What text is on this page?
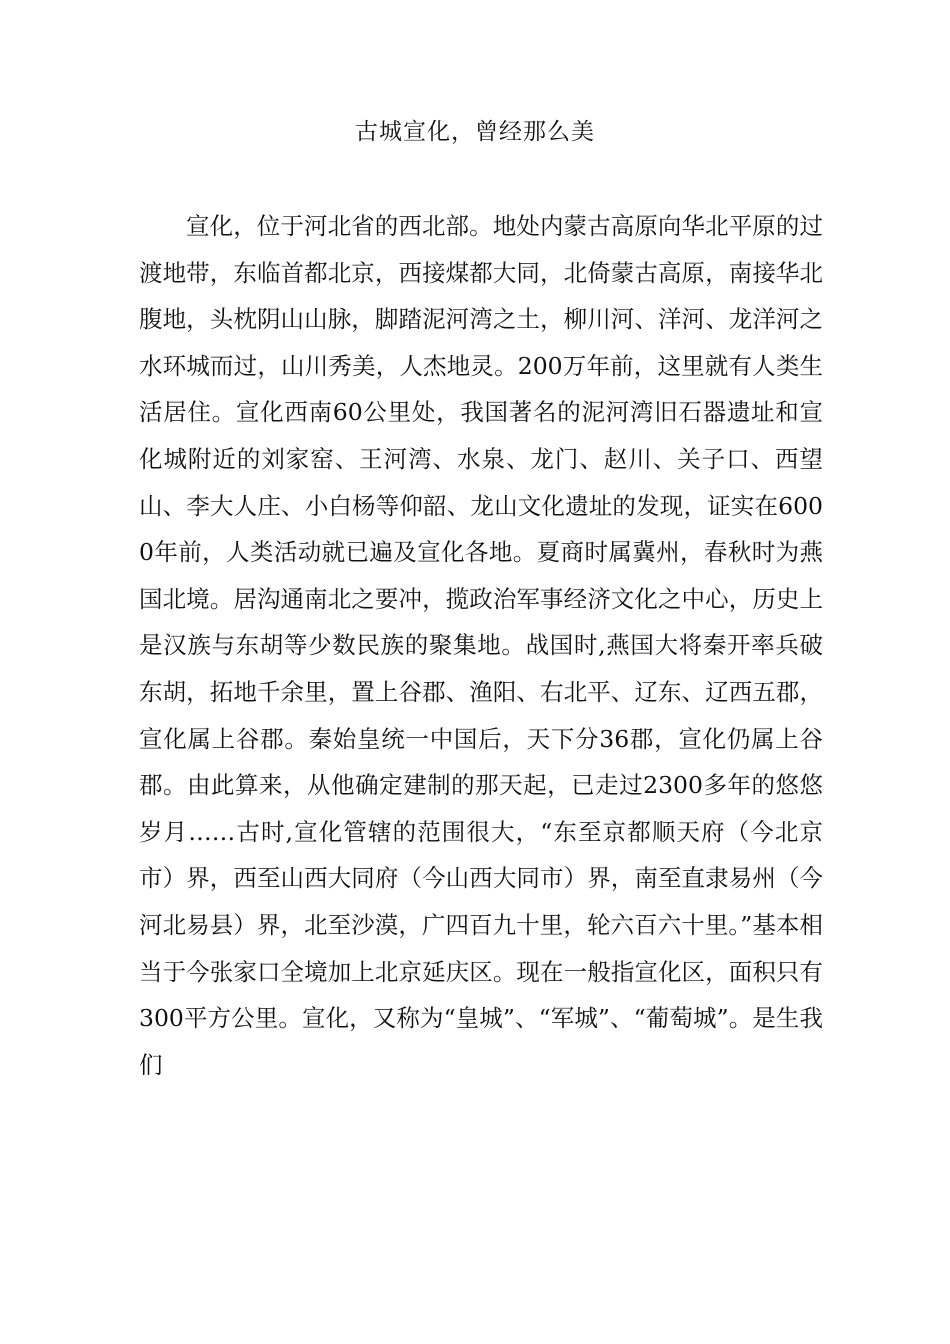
古城宣化，曾经那么美

宣化，位于河北省的西北部。地处内蒙古高原向华北平原的过渡地带，东临首都北京，西接煤都大同，北倚蒙古高原，南接华北腹地，头枕阴山山脉，脚踏泥河湾之土，柳川河、洋河、龙洋河之水环城而过，山川秀美，人杰地灵。200万年前，这里就有人类生活居住。宣化西南60公里处，我国著名的泥河湾旧石器遗址和宣化城附近的刘家窑、王河湾、水泉、龙门、赵川、关子口、西望山、李大人庄、小白杨等仰韶、龙山文化遗址的发现，证实在6000年前，人类活动就已遍及宣化各地。夏商时属冀州，春秋时为燕国北境。居沟通南北之要冲，揽政治军事经济文化之中心，历史上是汉族与东胡等少数民族的聚集地。战国时,燕国大将秦开率兵破东胡，拓地千余里，置上谷郡、渔阳、右北平、辽东、辽西五郡，宣化属上谷郡。秦始皇统一中国后，天下分36郡，宣化仍属上谷郡。由此算来，从他确定建制的那天起，已走过2300多年的悠悠岁月……古时,宣化管辖的范围很大，“东至京都顺天府（今北京市）界，西至山西大同府（今山西大同市）界，南至直隶易州（今河北易县）界，北至沙漠，广四百九十里，轮六百六十里。”基本相当于今张家口全境加上北京延庆区。现在一般指宣化区，面积只有300平方公里。宣化，又称为“皇城”、“军城”、“葡萄城”。是生我们
